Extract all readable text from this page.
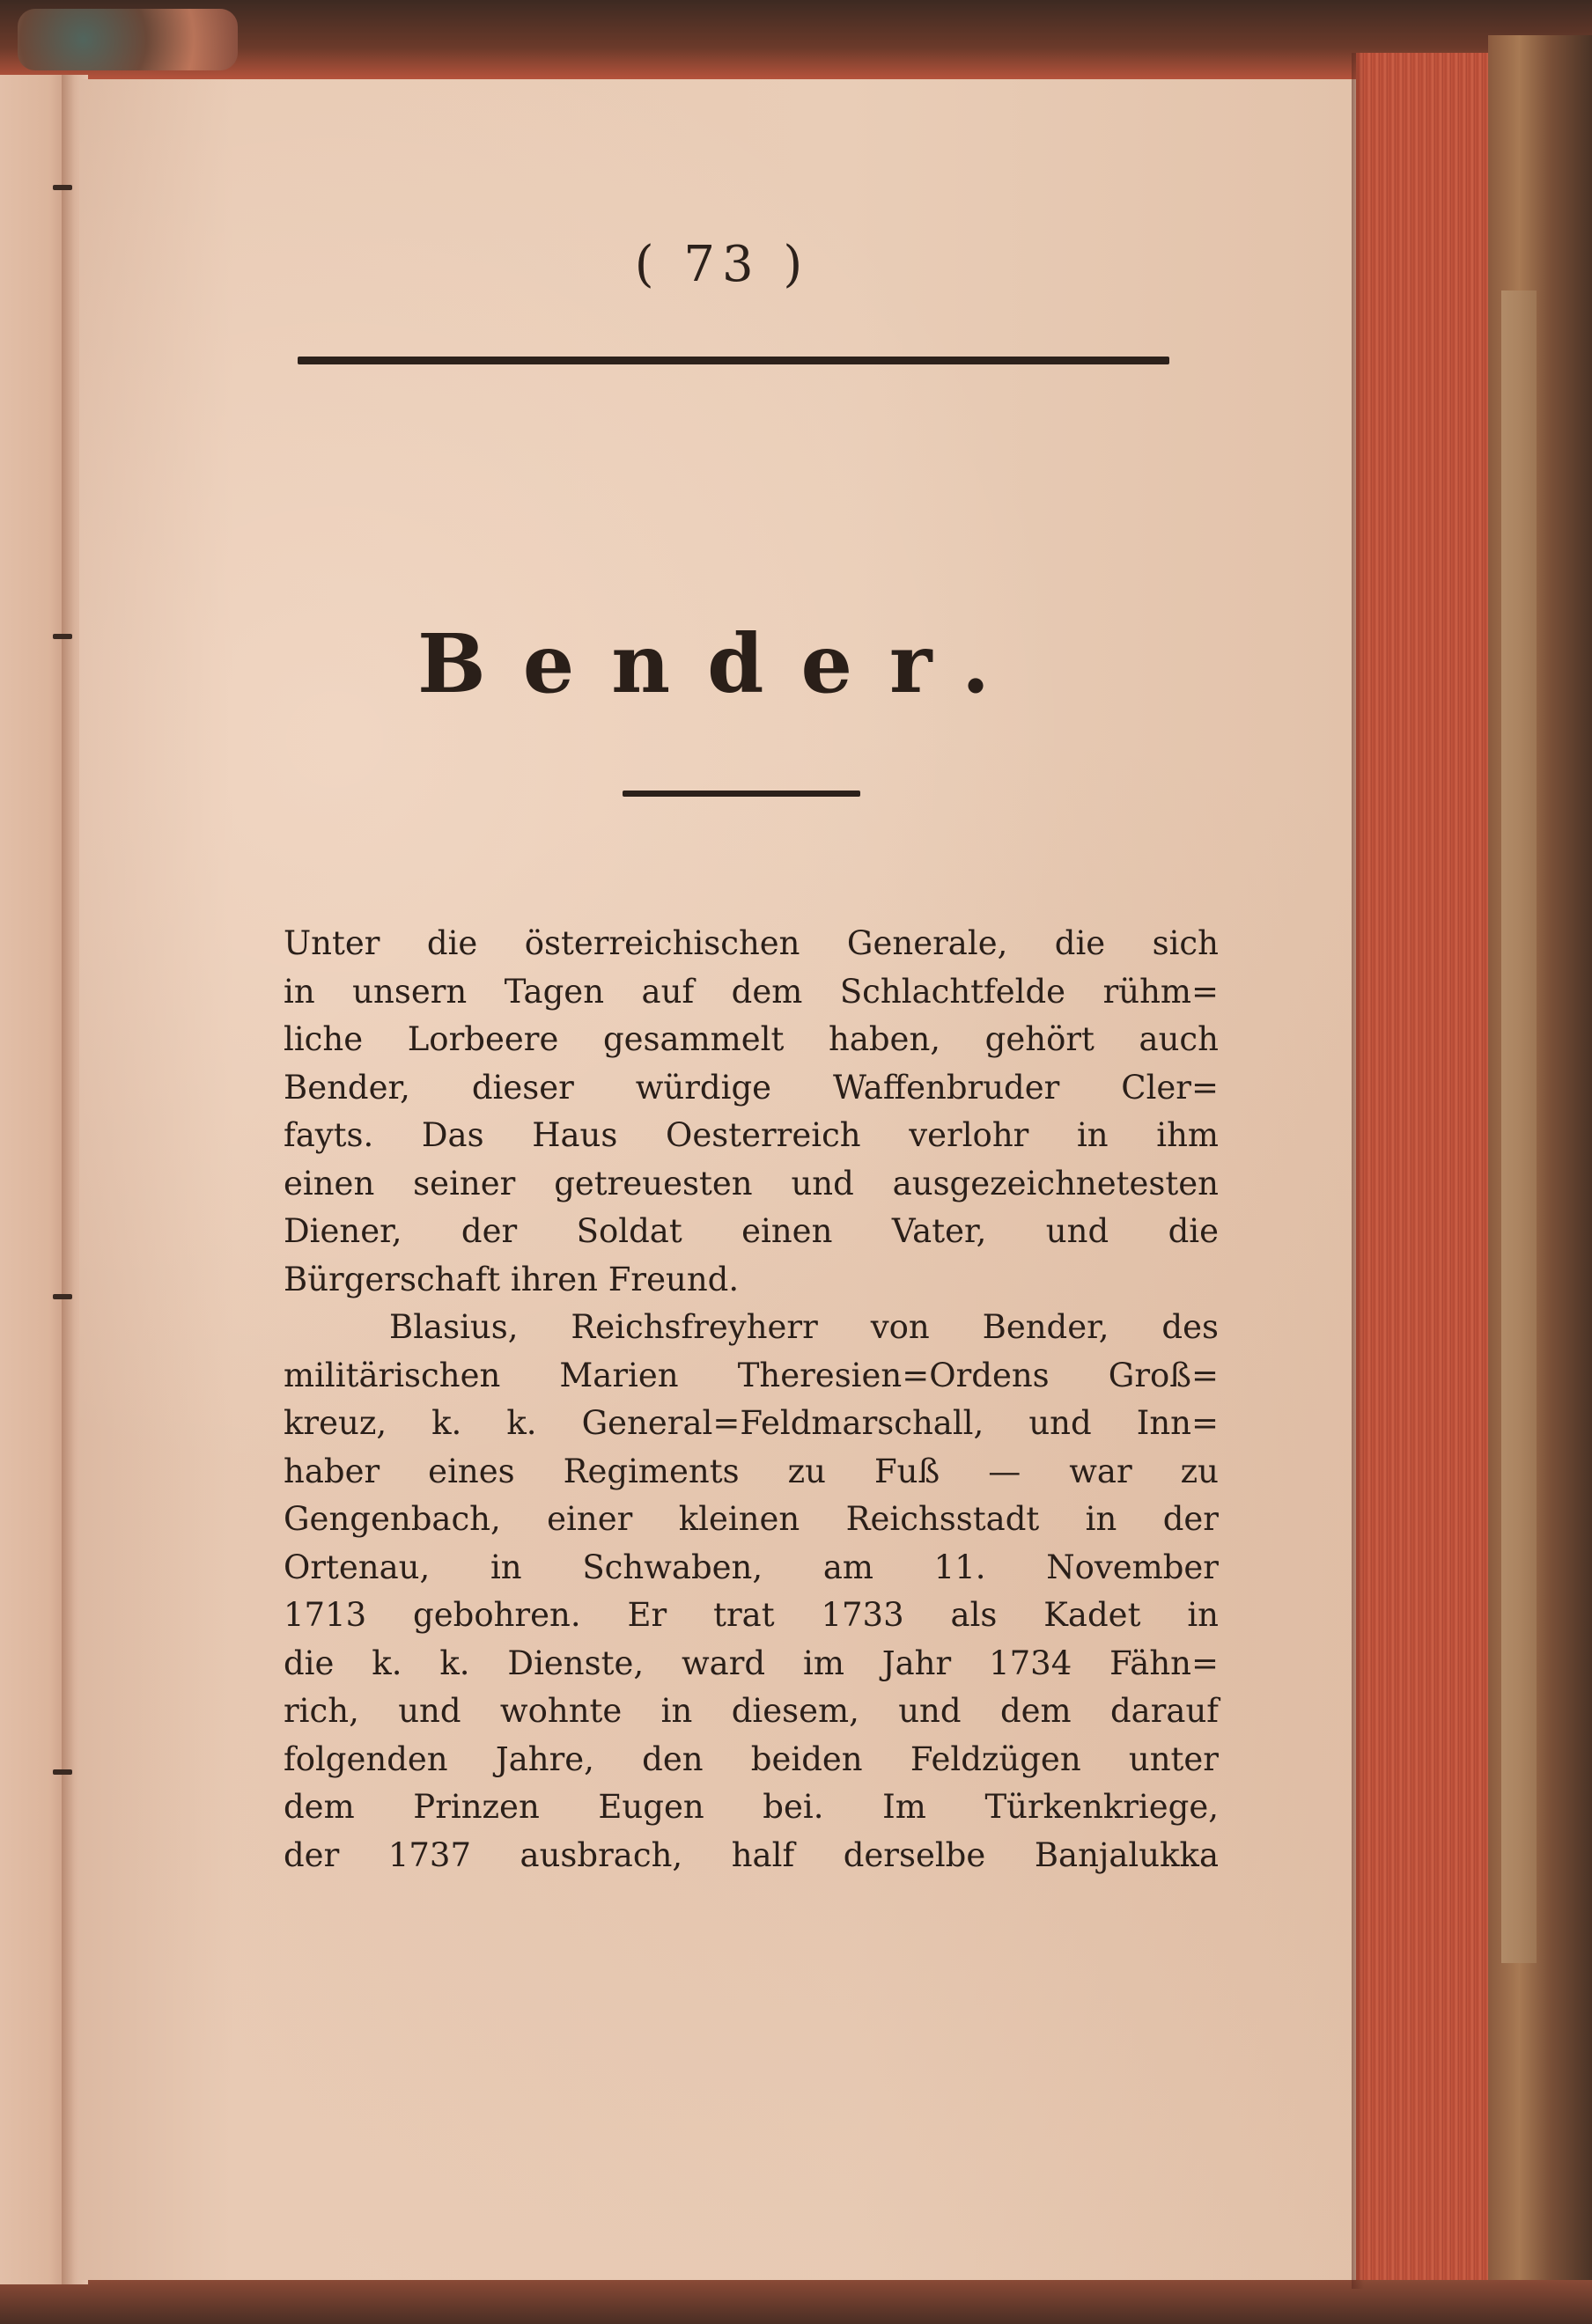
( 73 )
Bender.
Unter die österreichischen Generale, die sich
in unsern Tagen auf dem Schlachtfelde rühm=
liche Lorbeere gesammelt haben, gehört auch
Bender, dieser würdige Waffenbruder Cler=
fayts. Das Haus Oesterreich verlohr in ihm
einen seiner getreuesten und ausgezeichnetesten
Diener, der Soldat einen Vater, und die
Bürgerschaft ihren Freund.
Blasius, Reichsfreyherr von Bender, des
militärischen Marien Theresien=Ordens Groß=
kreuz, k. k. General=Feldmarschall, und Inn=
haber eines Regiments zu Fuß — war zu
Gengenbach, einer kleinen Reichsstadt in der
Ortenau, in Schwaben, am 11. November
1713 gebohren. Er trat 1733 als Kadet in
die k. k. Dienste, ward im Jahr 1734 Fähn=
rich, und wohnte in diesem, und dem darauf
folgenden Jahre, den beiden Feldzügen unter
dem Prinzen Eugen bei. Im Türkenkriege,
der 1737 ausbrach, half derselbe Banjalukka
